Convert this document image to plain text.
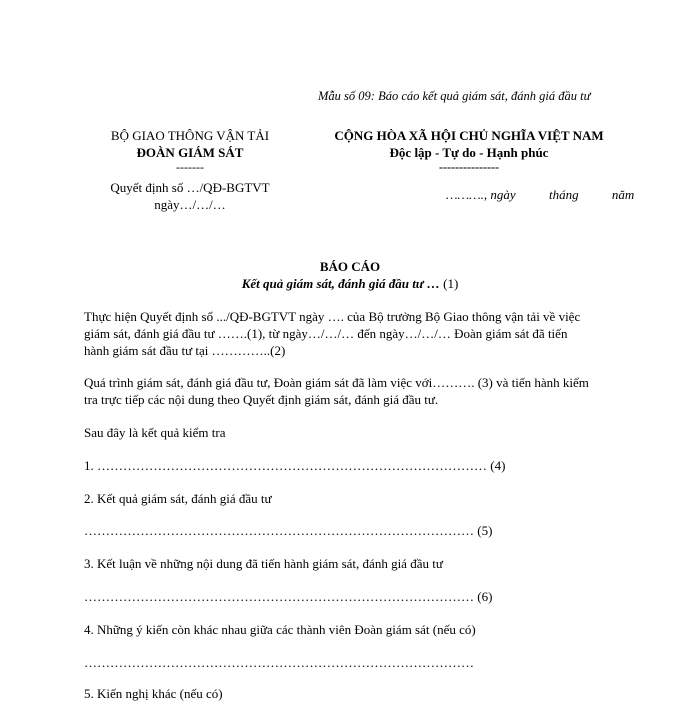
Mẫu số 09: Báo cáo kết quả giám sát, đánh giá đầu tư
BỘ GIAO THÔNG VẬN TẢI
ĐOÀN GIÁM SÁT
-------
Quyết định số …/QĐ-BGTVT
ngày…/…/…
CỘNG HÒA XÃ HỘI CHỦ NGHĨA VIỆT NAM
Độc lập - Tự do - Hạnh phúc
---------------
………., ngày	tháng	năm
BÁO CÁO
Kết quả giám sát, đánh giá đầu tư … (1)
Thực hiện Quyết định số .../QĐ-BGTVT ngày …. của Bộ trưởng Bộ Giao thông vận tải về việc
giám sát, đánh giá đầu tư …….(1), từ ngày…/…/… đến ngày…/…/… Đoàn giám sát đã tiến
hành giám sát đầu tư tại …………..(2)
Quá trình giám sát, đánh giá đầu tư, Đoàn giám sát đã làm việc với………. (3) và tiến hành kiểm
tra trực tiếp các nội dung theo Quyết định giám sát, đánh giá đầu tư.
Sau đây là kết quả kiểm tra
1. ……………………………………………………………………………… (4)
2. Kết quả giám sát, đánh giá đầu tư
……………………………………………………………………………… (5)
3. Kết luận về những nội dung đã tiến hành giám sát, đánh giá đầu tư
……………………………………………………………………………… (6)
4. Những ý kiến còn khác nhau giữa các thành viên Đoàn giám sát (nếu có)
………………………………………………………………………………
5. Kiến nghị khác (nếu có)
